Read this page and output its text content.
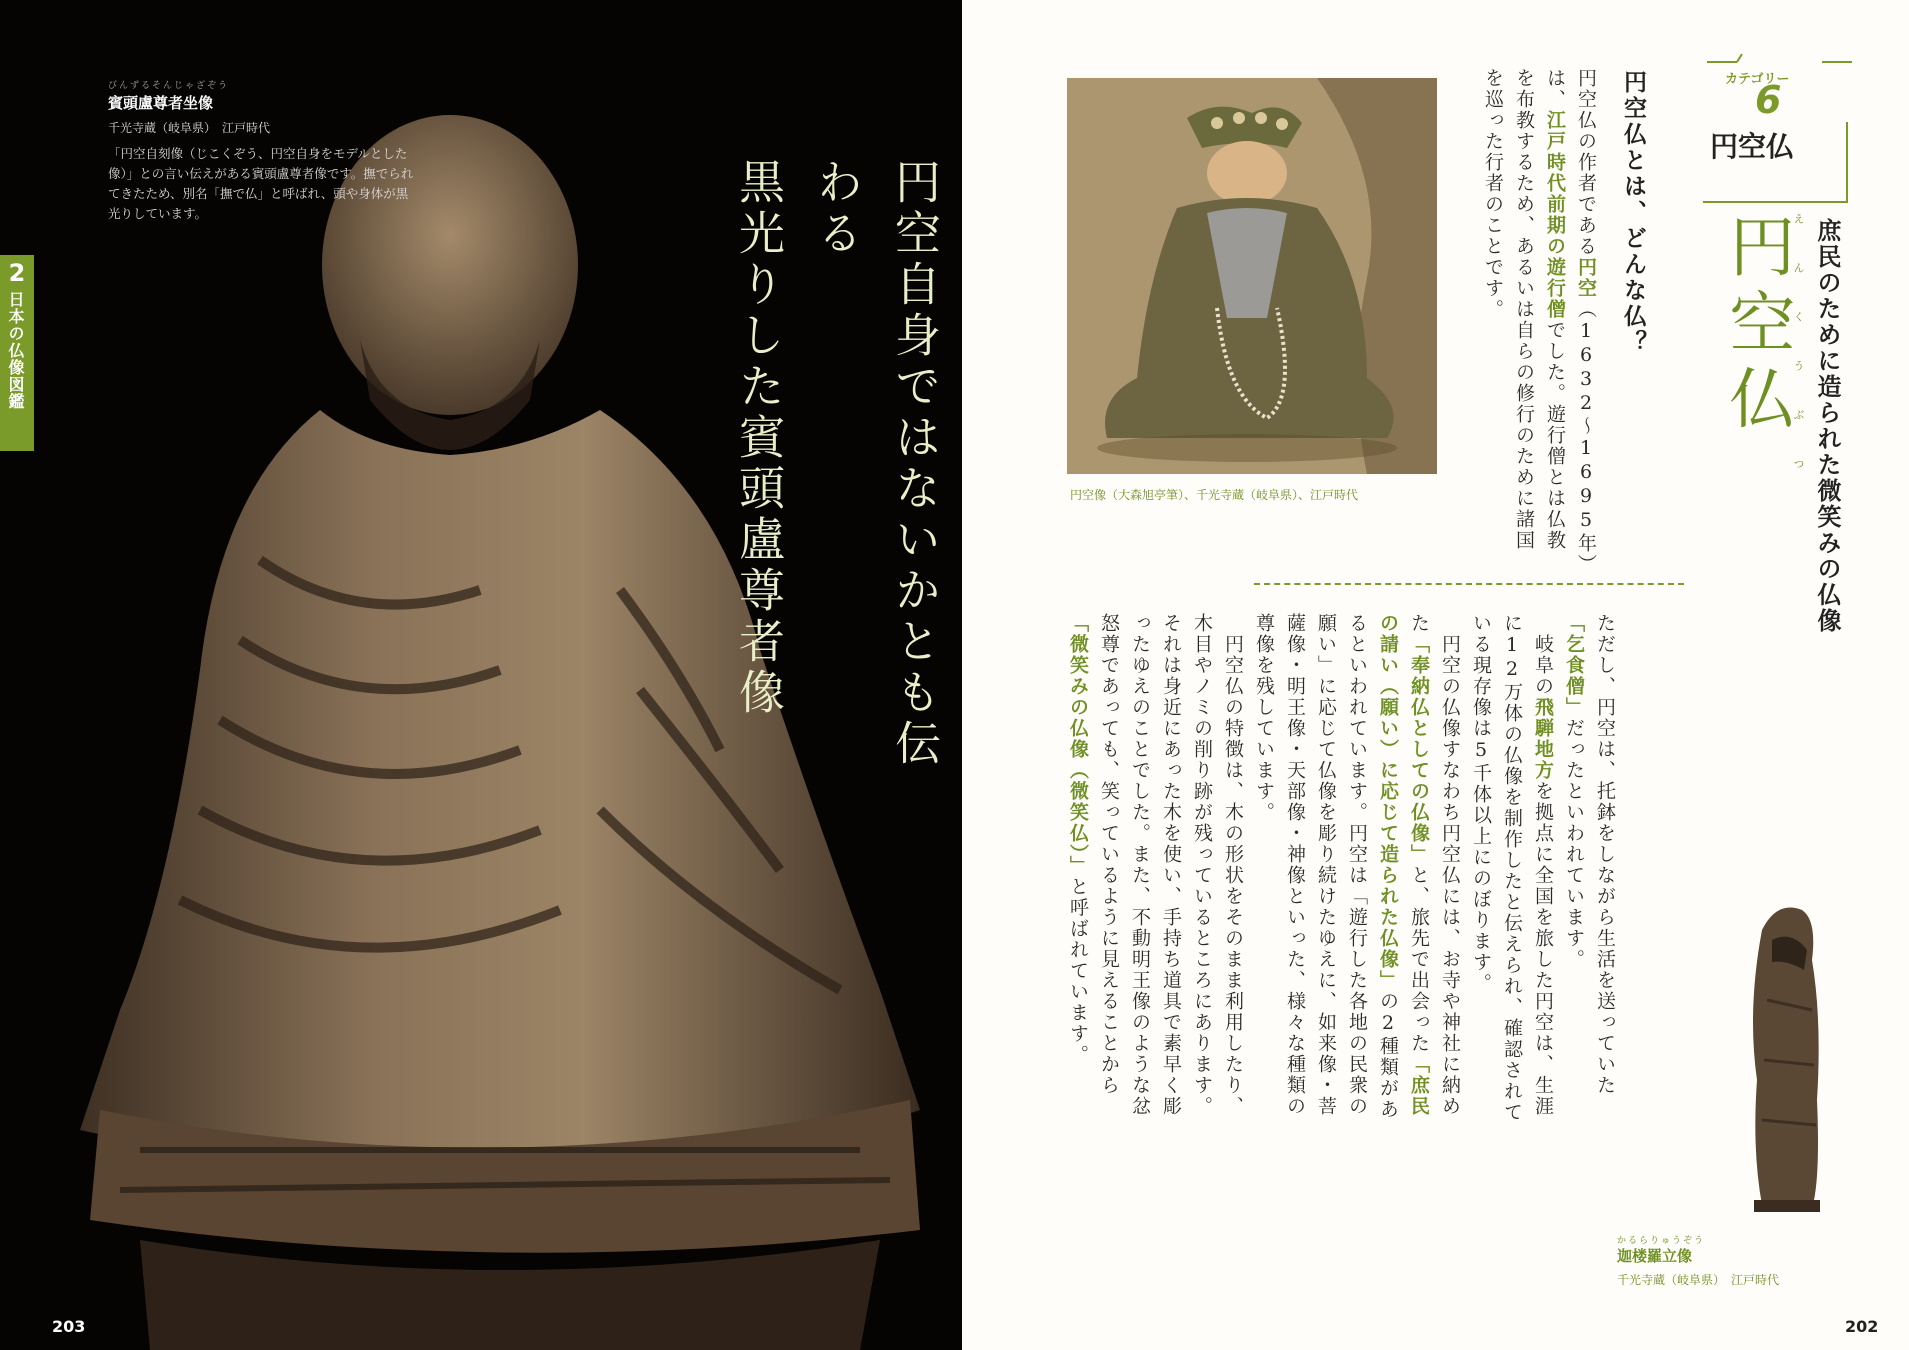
2
日本の仏像図鑑
びんずるそんじゃざぞう
賓頭盧尊者坐像
千光寺蔵（岐阜県）　江戸時代
「円空自刻像（じこくぞう、円空自身をモデルとした像）」との言い伝えがある賓頭盧尊者像です。撫でられてきたため、別名「撫で仏」と呼ばれ、頭や身体が黒光りしています。	円空自身ではないかとも伝わる
黒光りした賓頭盧尊者像
203
カテゴリー
6
円空仏
えんくうぶつ
円空仏 庶民のために造られた微笑みの仏像
円空仏とは、どんな仏？
円空仏の作者である円空（1632〜1695年）は、江戸時代前期の遊行僧でした。遊行僧とは仏教を布教するため、あるいは自らの修行のために諸国を巡った行者のことです。
ただし、円空は、托鉢をしながら生活を送っていた「乞食僧」だったといわれています。
　岐阜の飛騨地方を拠点に全国を旅した円空は、生涯に12万体の仏像を制作したと伝えられ、確認されている現存像は5千体以上にのぼります。
　円空の仏像すなわち円空仏には、お寺や神社に納めた「奉納仏としての仏像」と、旅先で出会った「庶民の請い（願い）に応じて造られた仏像」の2種類があるといわれています。円空は「遊行した各地の民衆の願い」に応じて仏像を彫り続けたゆえに、如来像・菩薩像・明王像・天部像・神像といった、様々な種類の尊像を残しています。
　円空仏の特徴は、木の形状をそのまま利用したり、木目やノミの削り跡が残っているところにあります。それは身近にあった木を使い、手持ち道具で素早く彫ったゆえのことでした。また、不動明王像のような忿怒尊であっても、笑っているように見えることから「微笑みの仏像（微笑仏）」と呼ばれています。
円空像（大森旭亭筆）、千光寺蔵（岐阜県）、江戸時代
かるらりゅうぞう
迦楼羅立像
千光寺蔵（岐阜県）　江戸時代
202
